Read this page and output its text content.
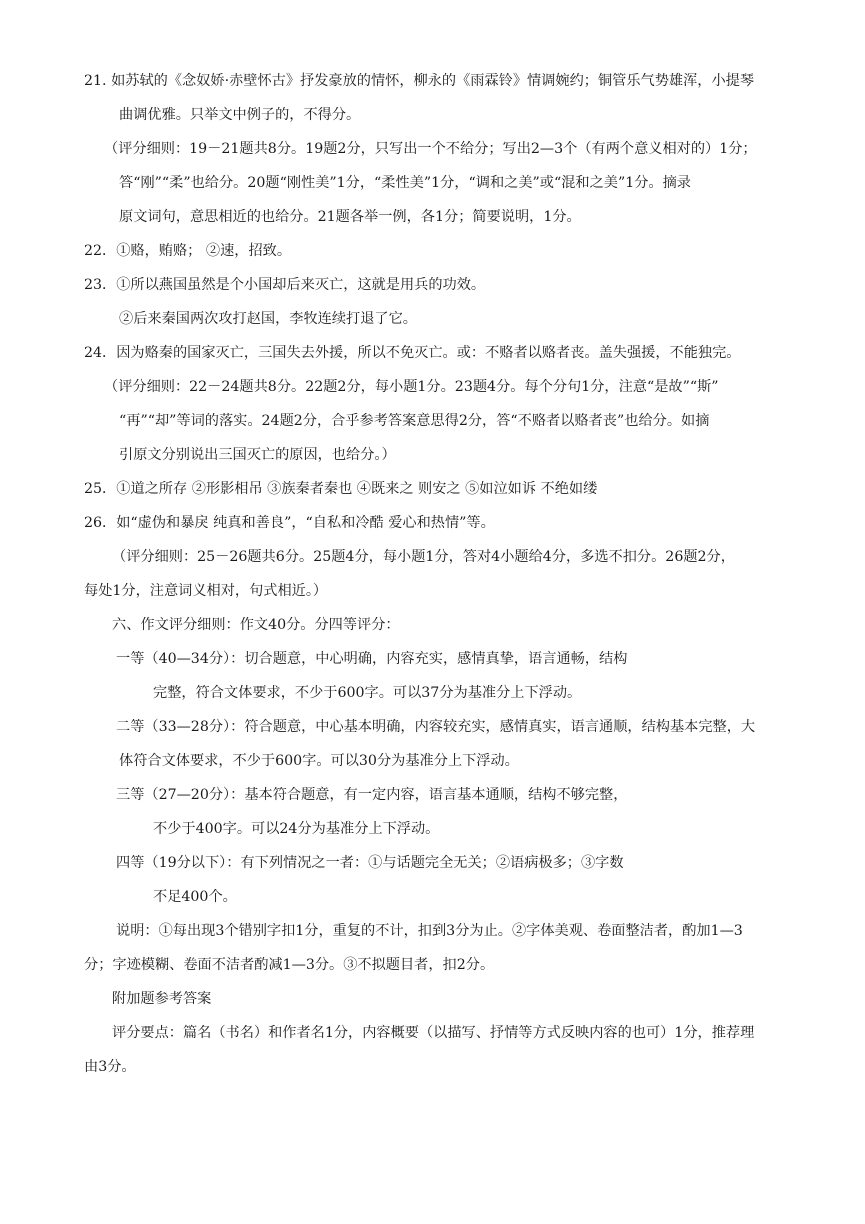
21. 如苏轼的《念奴娇·赤壁怀古》抒发豪放的情怀，柳永的《雨霖铃》情调婉约；铜管乐气势雄浑，小提琴

曲调优雅。只举文中例子的，不得分。

（评分细则：19－21题共8分。19题2分，只写出一个不给分；写出2—3个（有两个意义相对的）1分；

答“刚”“柔”也给分。20题“刚性美”1分，“柔性美”1分，“调和之美”或“混和之美”1分。摘录

原文词句，意思相近的也给分。21题各举一例，各1分；简要说明，1分。

22．①赂，贿赂； ②速，招致。

23．①所以燕国虽然是个小国却后来灭亡，这就是用兵的功效。

②后来秦国两次攻打赵国，李牧连续打退了它。

24．因为赂秦的国家灭亡，三国失去外援，所以不免灭亡。或：不赂者以赂者丧。盖失强援，不能独完。

（评分细则：22－24题共8分。22题2分，每小题1分。23题4分。每个分句1分，注意“是故”“斯”

“再”“却”等词的落实。24题2分，合乎参考答案意思得2分，答“不赂者以赂者丧”也给分。如摘

引原文分别说出三国灭亡的原因，也给分。）

25．①道之所存 ②形影相吊 ③族秦者秦也 ④既来之 则安之 ⑤如泣如诉 不绝如缕

26．如“虚伪和暴戾 纯真和善良”，“自私和冷酷 爱心和热情”等。

（评分细则：25－26题共6分。25题4分，每小题1分，答对4小题给4分，多选不扣分。26题2分，

每处1分，注意词义相对，句式相近。）

六、作文评分细则：作文40分。分四等评分：

一等（40—34分）：切合题意，中心明确，内容充实，感情真挚，语言通畅，结构

完整，符合文体要求，不少于600字。可以37分为基准分上下浮动。

二等（33—28分）：符合题意，中心基本明确，内容较充实，感情真实，语言通顺，结构基本完整，大

体符合文体要求，不少于600字。可以30分为基准分上下浮动。

三等（27—20分）：基本符合题意，有一定内容，语言基本通顺，结构不够完整，

不少于400字。可以24分为基准分上下浮动。

四等（19分以下）：有下列情况之一者：①与话题完全无关；②语病极多；③字数

不足400个。

说明：①每出现3个错别字扣1分，重复的不计，扣到3分为止。②字体美观、卷面整洁者，酌加1—3

分；字迹模糊、卷面不洁者酌减1—3分。③不拟题目者，扣2分。

附加题参考答案

评分要点：篇名（书名）和作者名1分，内容概要（以描写、抒情等方式反映内容的也可）1分，推荐理

由3分。
